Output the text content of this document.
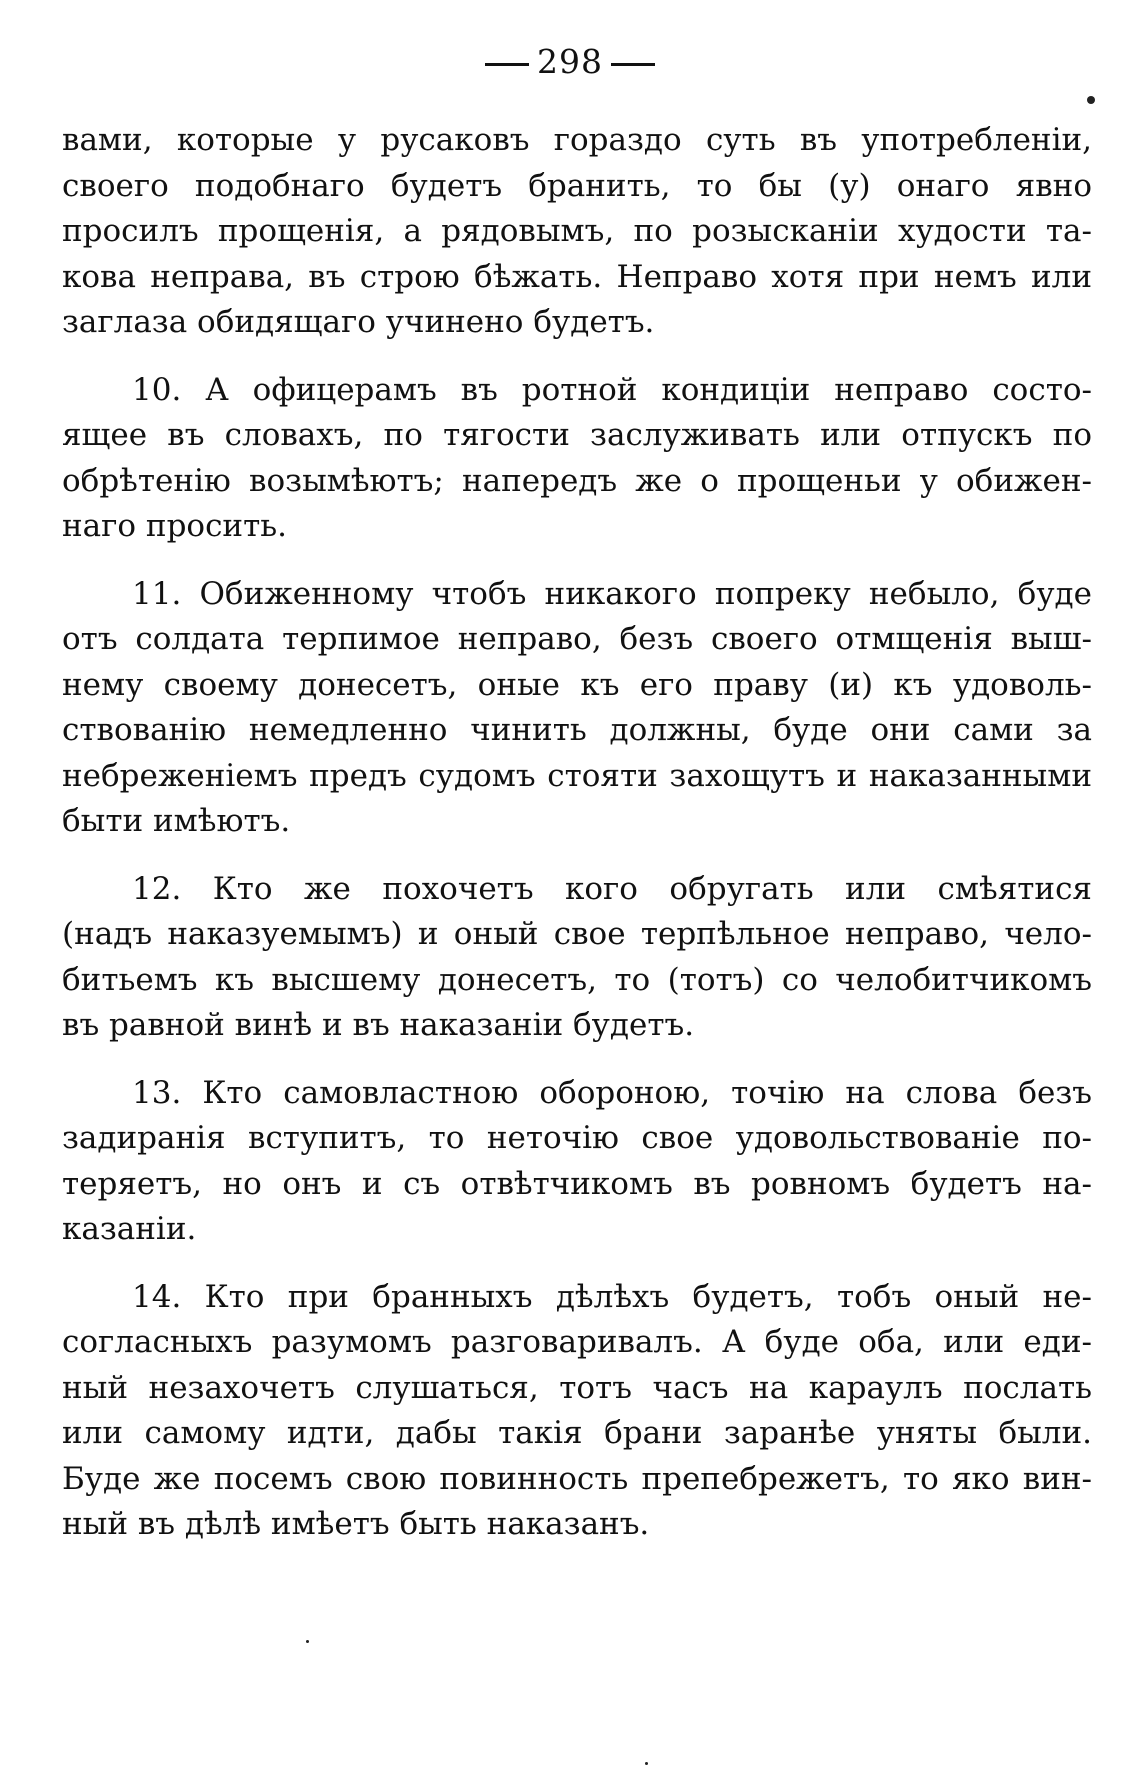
298
вами, которые у русаковъ гораздо суть въ употребленіи,
своего подобнаго будетъ бранить, то бы (у) онаго явно
просилъ прощенія, а рядовымъ, по розысканіи худости та-
кова неправа, въ строю бѣжать. Неправо хотя при немъ или
заглаза обидящаго учинено будетъ.
10. А офицерамъ въ ротной кондиціи неправо состо-
ящее въ словахъ, по тягости заслуживать или отпускъ по
обрѣтенію возымѣютъ; напередъ же о прощеньи у обижен-
наго просить.
11. Обиженному чтобъ никакого попреку небыло, буде
отъ солдата терпимое неправо, безъ своего отмщенія выш-
нему своему донесетъ, оные къ его праву (и) къ удоволь-
ствованію немедленно чинить должны, буде они сами за
небреженіемъ предъ судомъ стояти захощутъ и наказанными
быти имѣютъ.
12. Кто же похочетъ кого обругать или смѣятися
(надъ наказуемымъ) и оный свое терпѣльное неправо, чело-
битьемъ къ высшему донесетъ, то (тотъ) со челобитчикомъ
въ равной винѣ и въ наказаніи будетъ.
13. Кто самовластною обороною, точію на слова безъ
задиранія вступитъ, то неточію свое удовольствованіе по-
теряетъ, но онъ и съ отвѣтчикомъ въ ровномъ будетъ на-
казаніи.
14. Кто при бранныхъ дѣлѣхъ будетъ, тобъ оный не-
согласныхъ разумомъ разговаривалъ. А буде оба, или еди-
ный незахочетъ слушаться, тотъ часъ на караулъ послать
или самому идти, дабы такія брани заранѣе уняты были.
Буде же посемъ свою повинность препебрежетъ, то яко вин-
ный въ дѣлѣ имѣетъ быть наказанъ.
